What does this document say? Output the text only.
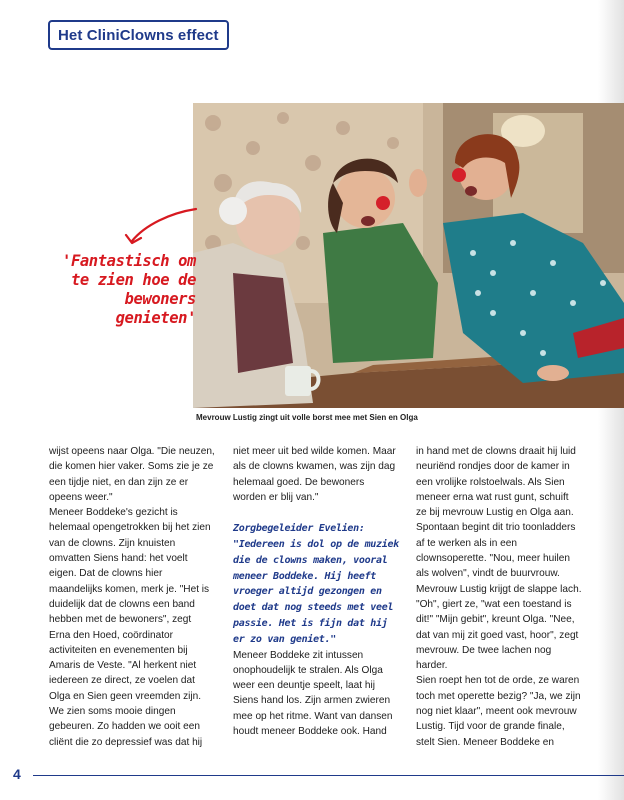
Het CliniClowns effect
Mevrouw Lustig zingt uit volle borst mee met Sien en Olga
'Fantastisch om te zien hoe de bewoners genieten'

wijst opeens naar Olga. "Die neuzen, die komen hier vaker. Soms zie je ze een tijdje niet, en dan zijn ze er opeens weer."

Meneer Boddeke's gezicht is helemaal opengetrokken bij het zien van de clowns. Zijn knuisten omvatten Siens hand: het voelt eigen. Dat de clowns hier maandelijks komen, merk je. "Het is duidelijk dat de clowns een band hebben met de bewoners", zegt Erna den Hoed, coördinator activiteiten en evenementen bij Amaris de Veste. "Al herkent niet iedereen ze direct, ze voelen dat Olga en Sien geen vreemden zijn. We zien soms mooie dingen gebeuren. Zo hadden we ooit een cliënt die zo depressief was dat hij

niet meer uit bed wilde komen. Maar als de clowns kwamen, was zijn dag helemaal goed. De bewoners worden er blij van."

Zorgbegeleider Evelien: "Iedereen is dol op de muziek die de clowns maken, vooral meneer Boddeke. Hij heeft vroeger altijd gezongen en doet dat nog steeds met veel passie. Het is fijn dat hij er zo van geniet."

Meneer Boddeke zit intussen onophoudelijk te stralen. Als Olga weer een deuntje speelt, laat hij Siens hand los. Zijn armen zwieren mee op het ritme. Want van dansen houdt meneer Boddeke ook. Hand

in hand met de clowns draait hij luid neuriënd rondjes door de kamer in een vrolijke rolstoelwals. Als Sien meneer erna wat rust gunt, schuift ze bij mevrouw Lustig en Olga aan. Spontaan begint dit trio toonladders af te werken als in een clownsoperette. "Nou, meer huilen als wolven", vindt de buurvrouw. Mevrouw Lustig krijgt de slappe lach. "Oh", giert ze, "wat een toestand is dit!" "Mijn gebit", kreunt Olga. "Nee, dat van mij zit goed vast, hoor", zegt mevrouw. De twee lachen nog harder.

Sien roept hen tot de orde, ze waren toch met operette bezig? "Ja, we zijn nog niet klaar", meent ook mevrouw Lustig. Tijd voor de grande finale, stelt Sien. Meneer Boddeke en

4
